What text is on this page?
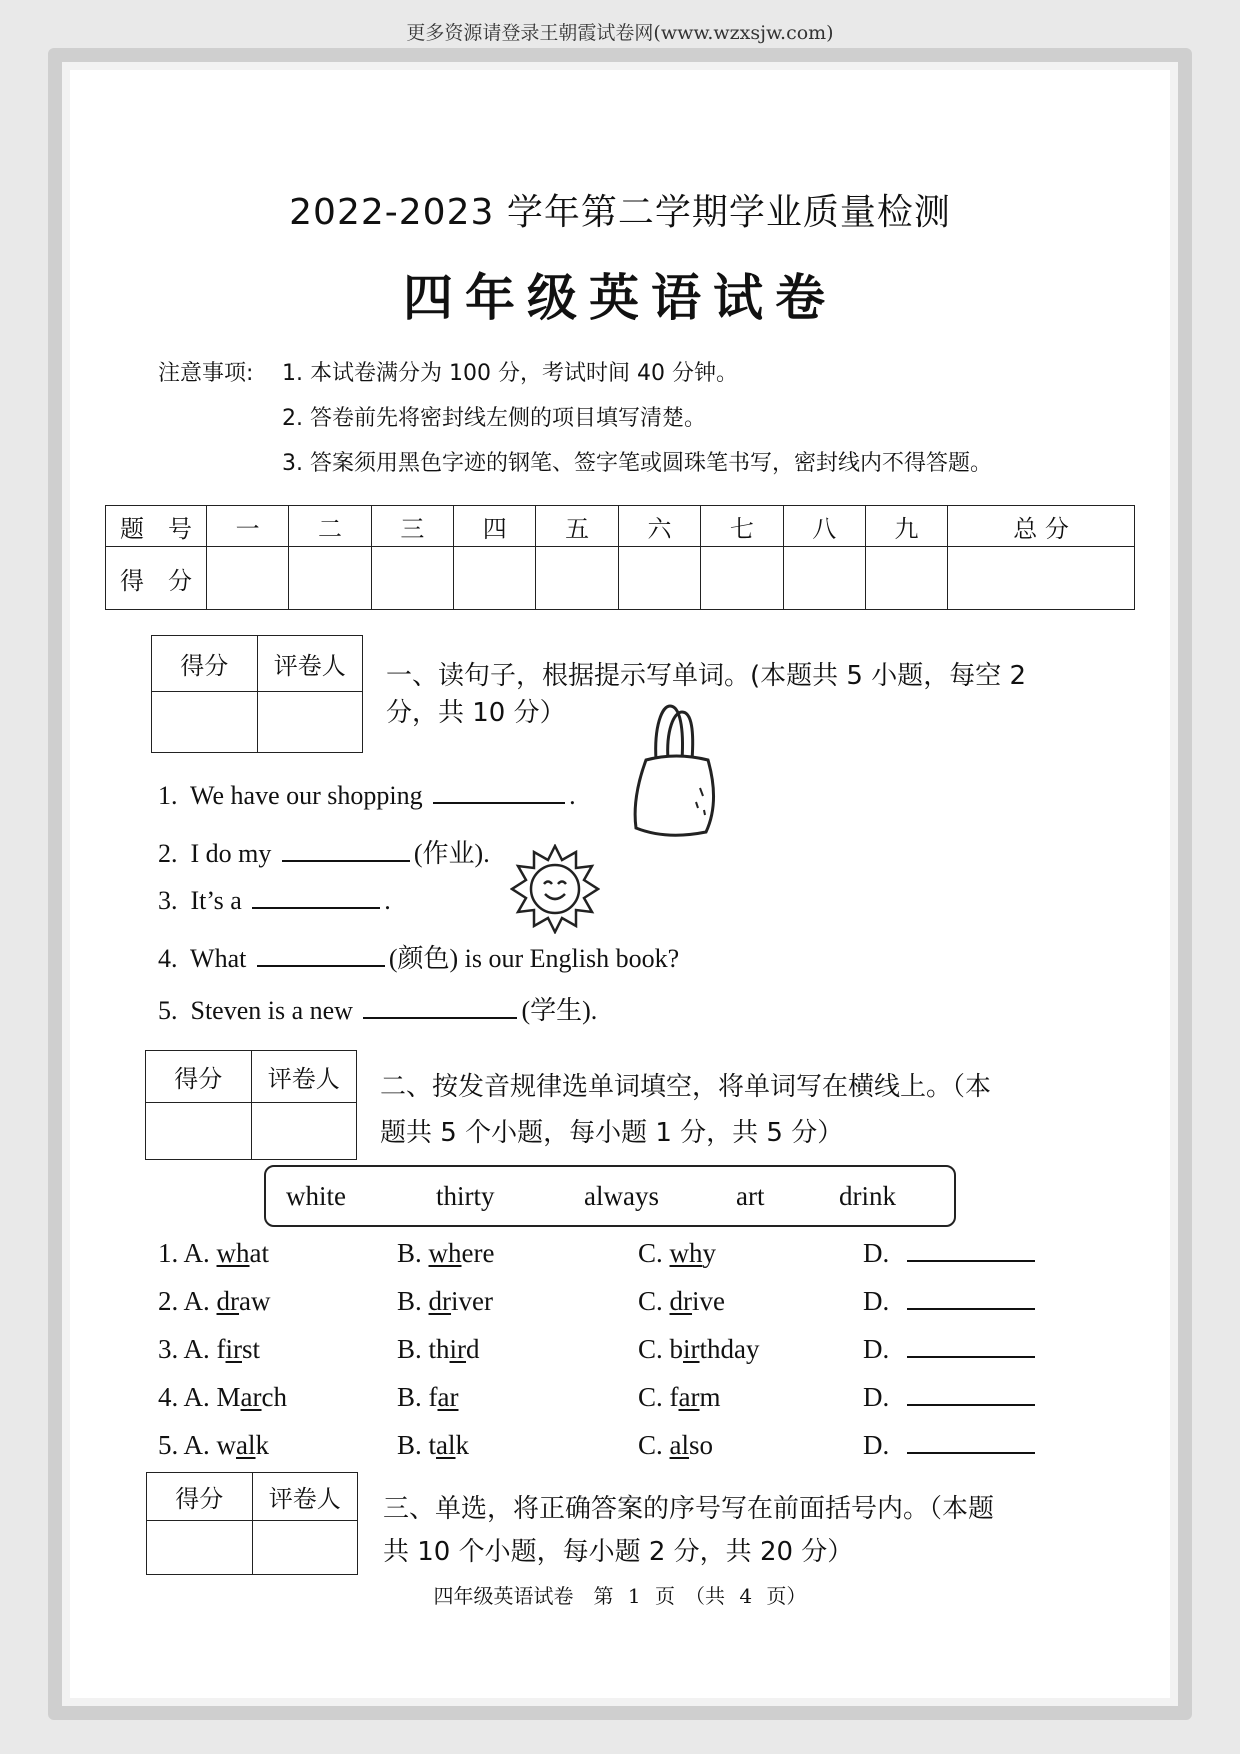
更多资源请登录王朝霞试卷网(www.wzxsjw.com)
2022-2023 学年第二学期学业质量检测
四年级英语试卷
注意事项: 1. 本试卷满分为 100 分，考试时间 40 分钟。
2. 答卷前先将密封线左侧的项目填写清楚。
3. 答案须用黑色字迹的钢笔、签字笔或圆珠笔书写，密封线内不得答题。
题　号	一	二	三	四	五	六	七	八	九	总 分
得　分										
得分	评卷人
	一、读句子，根据提示写单词。(本题共 5 小题，每空 2
分，共 10 分）
1. We have our shopping	.
2. I do my	(作业).
3. It’s a	.
4. What	(颜色) is our English book?
5. Steven is a new	(学生).
得分	评卷人
	二、按发音规律选单词填空，将单词写在横线上。（本
题共 5 个小题，每小题 1 分，共 5 分）
white	thirty	always	art	drink
1. A. what	B. where	C. why	D.
2. A. draw	B. driver	C. drive	D.
3. A. first	B. third	C. birthday	D.
4. A. March	B. far	C. farm	D.
5. A. walk	B. talk	C. also	D.
得分	评卷人
	三、单选，将正确答案的序号写在前面括号内。（本题
共 10 个小题，每小题 2 分，共 20 分）
四年级英语试卷　第 1 页　（共 4 页）
